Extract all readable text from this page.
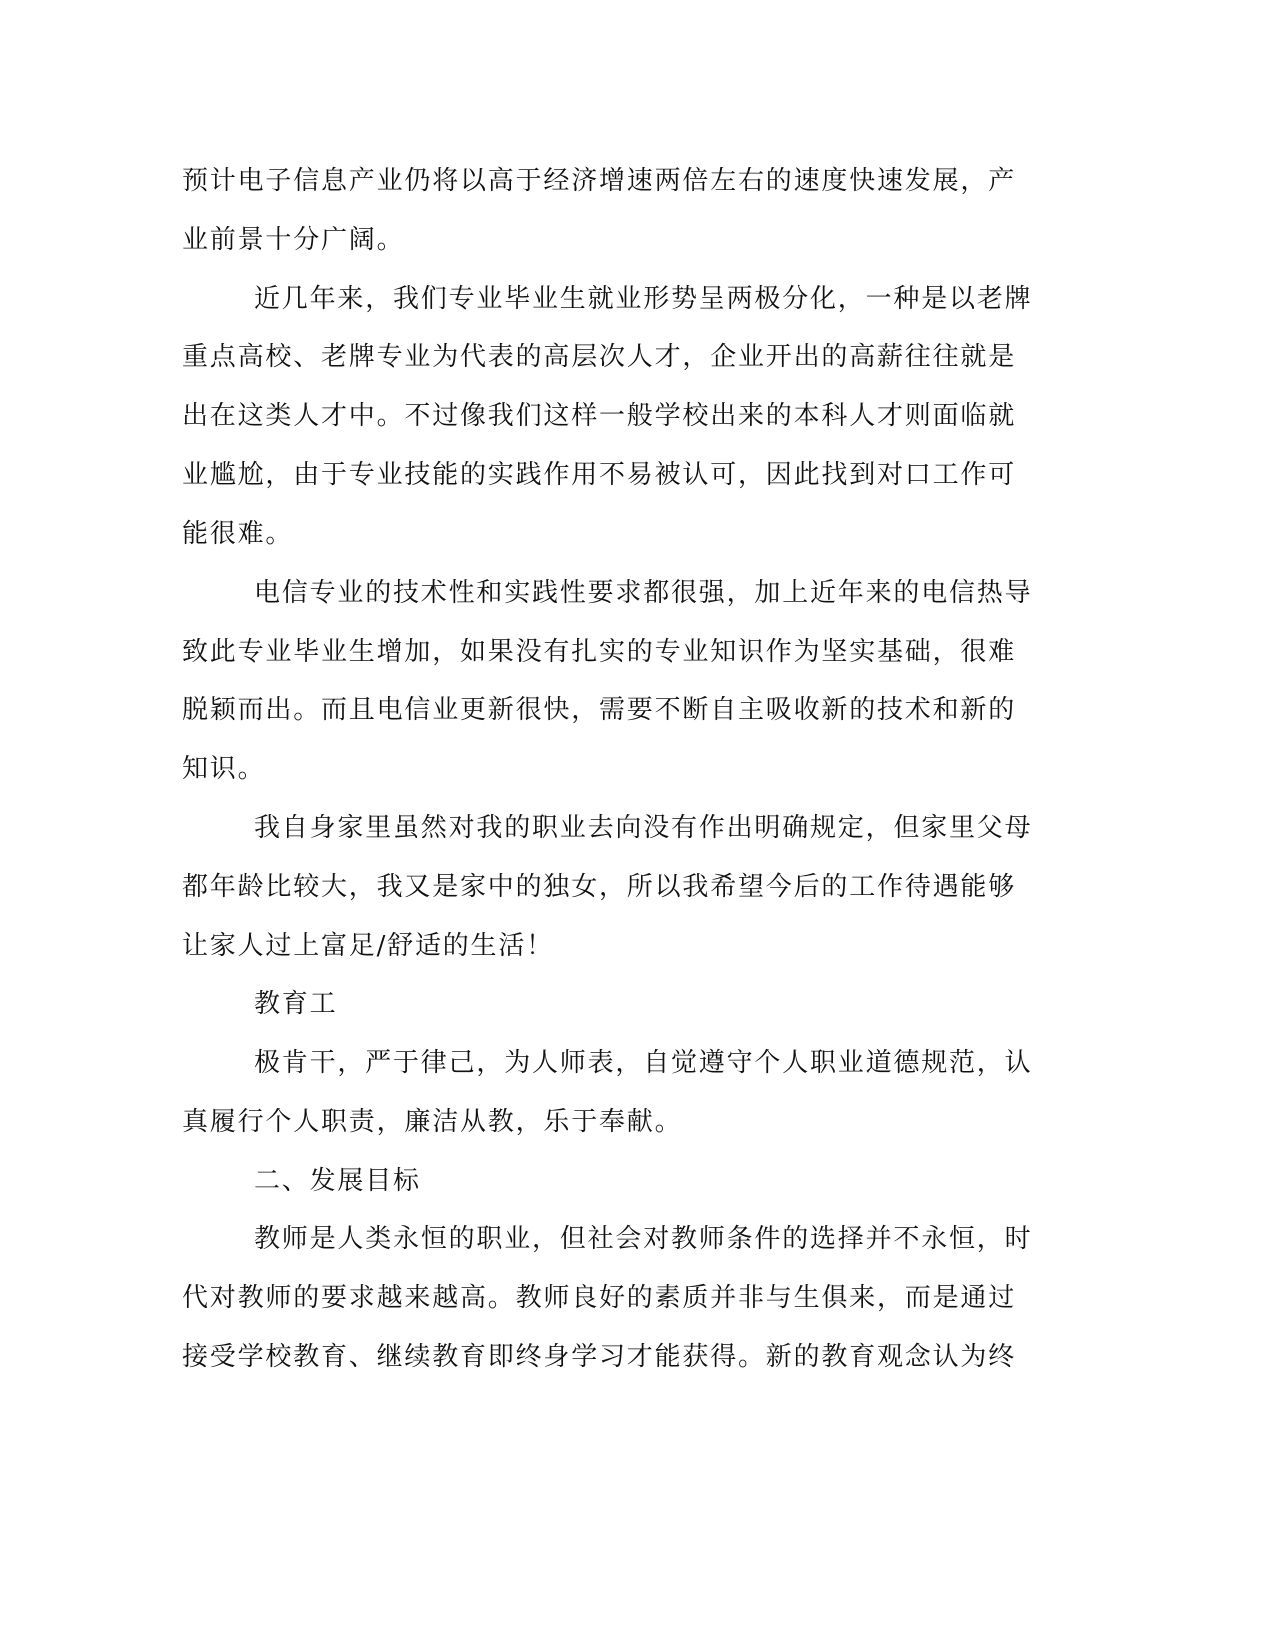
预计电子信息产业仍将以高于经济增速两倍左右的速度快速发展，产
业前景十分广阔。
近几年来，我们专业毕业生就业形势呈两极分化，一种是以老牌
重点高校、老牌专业为代表的高层次人才，企业开出的高薪往往就是
出在这类人才中。不过像我们这样一般学校出来的本科人才则面临就
业尴尬，由于专业技能的实践作用不易被认可，因此找到对口工作可
能很难。
电信专业的技术性和实践性要求都很强，加上近年来的电信热导
致此专业毕业生增加，如果没有扎实的专业知识作为坚实基础，很难
脱颖而出。而且电信业更新很快，需要不断自主吸收新的技术和新的
知识。
我自身家里虽然对我的职业去向没有作出明确规定，但家里父母
都年龄比较大，我又是家中的独女，所以我希望今后的工作待遇能够
让家人过上富足/舒适的生活！
教育工
极肯干，严于律己，为人师表，自觉遵守个人职业道德规范，认
真履行个人职责，廉洁从教，乐于奉献。
二、发展目标
教师是人类永恒的职业，但社会对教师条件的选择并不永恒，时
代对教师的要求越来越高。教师良好的素质并非与生俱来，而是通过
接受学校教育、继续教育即终身学习才能获得。新的教育观念认为终
